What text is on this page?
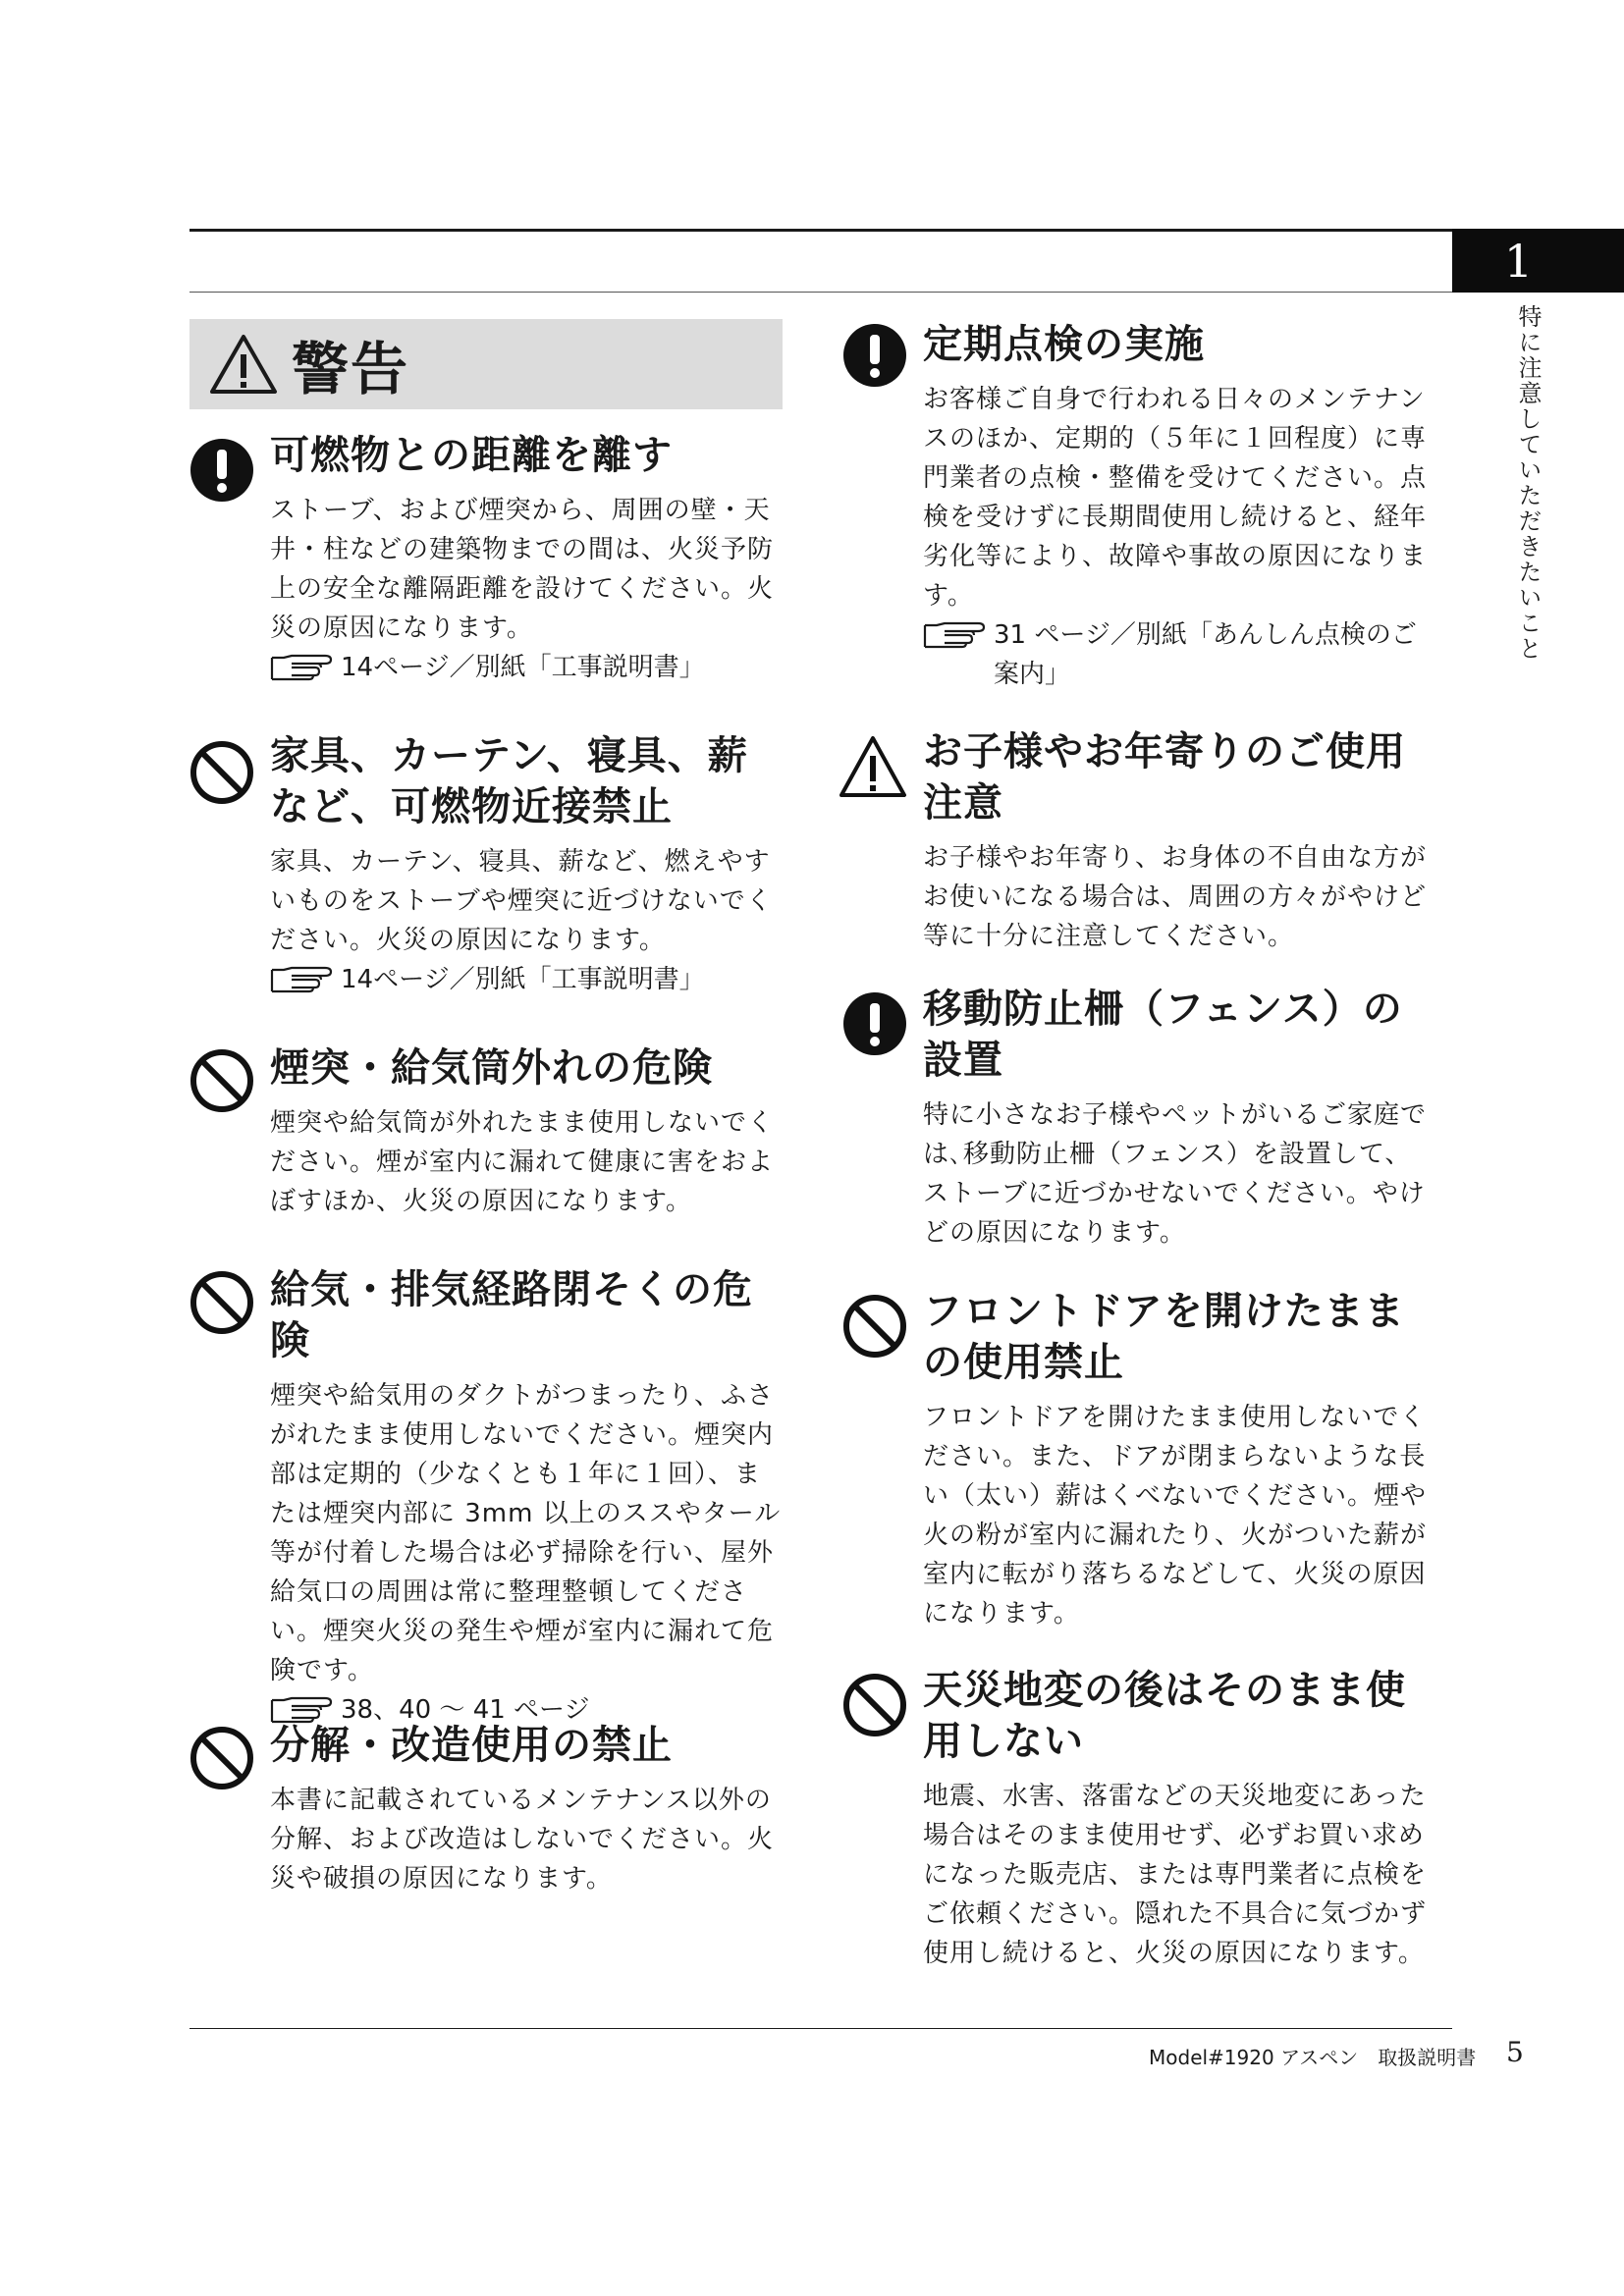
1
特に注意していただきたいこと
警告
可燃物との距離を離す
ストーブ、および煙突から、周囲の壁・天井・柱などの建築物までの間は、火災予防上の安全な離隔距離を設けてください。火災の原因になります。
14ページ／別紙「工事説明書」
家具、カーテン、寝具、薪など、可燃物近接禁止
家具、カーテン、寝具、薪など、燃えやすいものをストーブや煙突に近づけないでください。火災の原因になります。
14ページ／別紙「工事説明書」
煙突・給気筒外れの危険
煙突や給気筒が外れたまま使用しないでください。煙が室内に漏れて健康に害をおよぼすほか、火災の原因になります。
給気・排気経路閉そくの危険
煙突や給気用のダクトがつまったり、ふさがれたまま使用しないでください。煙突内部は定期的（少なくとも１年に１回）、または煙突内部に 3mm 以上のススやタール等が付着した場合は必ず掃除を行い、屋外給気口の周囲は常に整理整頓してください。煙突火災の発生や煙が室内に漏れて危険です。
38、40 ～ 41 ページ
分解・改造使用の禁止
本書に記載されているメンテナンス以外の分解、および改造はしないでください。火災や破損の原因になります。
定期点検の実施
お客様ご自身で行われる日々のメンテナンスのほか、定期的（５年に１回程度）に専門業者の点検・整備を受けてください。点検を受けずに長期間使用し続けると、経年劣化等により、故障や事故の原因になります。
31 ページ／別紙「あんしん点検のご案内」
お子様やお年寄りのご使用注意
お子様やお年寄り、お身体の不自由な方がお使いになる場合は、周囲の方々がやけど等に十分に注意してください。
移動防止柵（フェンス）の設置
特に小さなお子様やペットがいるご家庭では､移動防止柵（フェンス）を設置して、ストーブに近づかせないでください。やけどの原因になります。
フロントドアを開けたままの使用禁止
フロントドアを開けたまま使用しないでください。また、ドアが閉まらないような長い（太い）薪はくべないでください。煙や火の粉が室内に漏れたり、火がついた薪が室内に転がり落ちるなどして、火災の原因になります。
天災地変の後はそのまま使用しない
地震、水害、落雷などの天災地変にあった場合はそのまま使用せず、必ずお買い求めになった販売店、または専門業者に点検をご依頼ください。隠れた不具合に気づかず使用し続けると、火災の原因になります。
Model#1920 アスペン　取扱説明書 5
